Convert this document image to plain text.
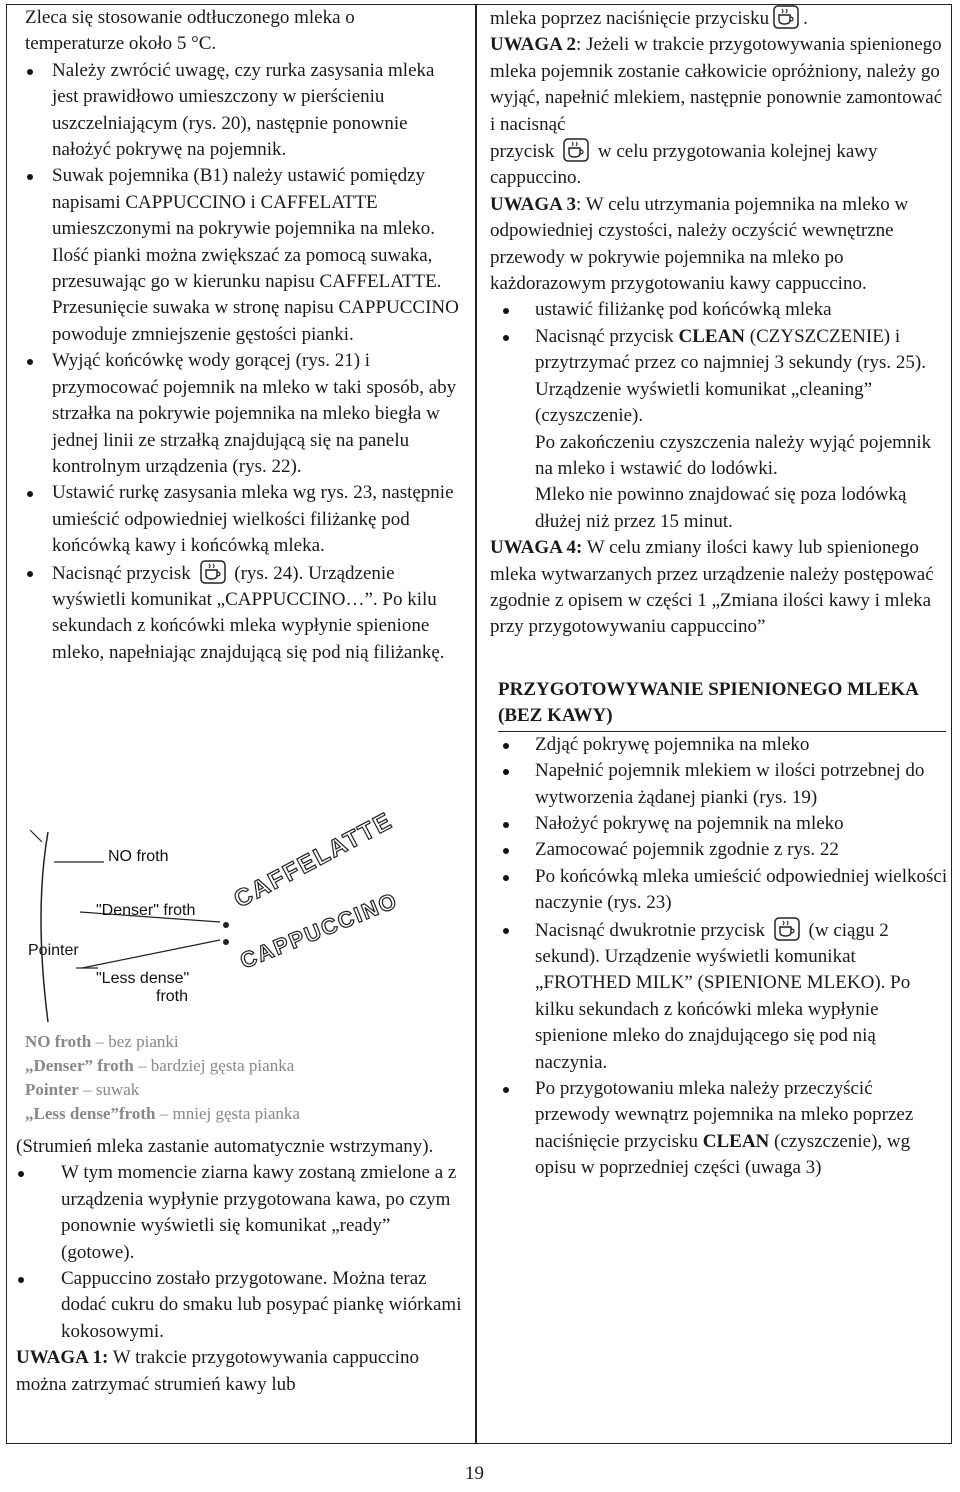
Zleca się stosowanie odtłuczonego mleka o

temperaturze około 5 °C.

Należy zwrócić uwagę, czy rurka zasysania mleka jest prawidłowo umieszczony w pierścieniu uszczelniającym (rys. 20), następnie ponownie nałożyć pokrywę na pojemnik.

Suwak pojemnika (B1) należy ustawić pomiędzy napisami CAPPUCCINO i CAFFELATTE umieszczonymi na pokrywie pojemnika na mleko. Ilość pianki można zwiększać za pomocą suwaka, przesuwając go w kierunku napisu CAFFELATTE. Przesunięcie suwaka w stronę napisu CAPPUCCINO powoduje zmniejszenie gęstości pianki.

Wyjąć końcówkę wody gorącej (rys. 21) i przymocować pojemnik na mleko w taki sposób, aby strzałka na pokrywie pojemnika na mleko biegła w jednej linii ze strzałką znajdującą się na panelu kontrolnym urządzenia (rys. 22).

Ustawić rurkę zasysania mleka wg rys. 23, następnie umieścić odpowiedniej wielkości filiżankę pod końcówką kawy i końcówką mleka.

Nacisnąć przycisk (rys. 24). Urządzenie wyświetli komunikat „CAPPUCCINO…”. Po kilu sekundach z końcówki mleka wypłynie spienione mleko, napełniając znajdującą się pod nią filiżankę.

NO froth
"Denser" froth
Pointer
"Less dense"
froth
CAFFELATTE
CAPPUCCINO
NO froth – bez pianki
„Denser” froth – bardziej gęsta pianka
Pointer – suwak
„Less dense”froth – mniej gęsta pianka

(Strumień mleka zastanie automatycznie wstrzymany).

W tym momencie ziarna kawy zostaną zmielone a z urządzenia wypłynie przygotowana kawa, po czym ponownie wyświetli się komunikat „ready” (gotowe).

Cappuccino zostało przygotowane. Można teraz dodać cukru do smaku lub posypać piankę wiórkami kokosowymi.

UWAGA 1: W trakcie przygotowywania cappuccino można zatrzymać strumień kawy lub

mleka poprzez naciśnięcie przycisku .

UWAGA 2: Jeżeli w trakcie przygotowywania spienionego mleka pojemnik zostanie całkowicie opróżniony, należy go wyjąć, napełnić mlekiem, następnie ponownie zamontować i nacisnąć

przycisk w celu przygotowania kolejnej kawy cappuccino.

UWAGA 3: W celu utrzymania pojemnika na mleko w odpowiedniej czystości, należy oczyścić wewnętrzne przewody w pokrywie pojemnika na mleko po każdorazowym przygotowaniu kawy cappuccino.

ustawić filiżankę pod końcówką mleka

Nacisnąć przycisk CLEAN (CZYSZCZENIE) i przytrzymać przez co najmniej 3 sekundy (rys. 25).

Urządzenie wyświetli komunikat „cleaning” (czyszczenie).

Po zakończeniu czyszczenia należy wyjąć pojemnik na mleko i wstawić do lodówki.

Mleko nie powinno znajdować się poza lodówką dłużej niż przez 15 minut.

UWAGA 4: W celu zmiany ilości kawy lub spienionego mleka wytwarzanych przez urządzenie należy postępować zgodnie z opisem w części 1 „Zmiana ilości kawy i mleka przy przygotowywaniu cappuccino”

PRZYGOTOWYWANIE SPIENIONEGO MLEKA (BEZ KAWY)

Zdjąć pokrywę pojemnika na mleko

Napełnić pojemnik mlekiem w ilości potrzebnej do wytworzenia żądanej pianki (rys. 19)

Nałożyć pokrywę na pojemnik na mleko

Zamocować pojemnik zgodnie z rys. 22

Po końcówką mleka umieścić odpowiedniej wielkości naczynie (rys. 23)

Nacisnąć dwukrotnie przycisk (w ciągu 2 sekund). Urządzenie wyświetli komunikat „FROTHED MILK” (SPIENIONE MLEKO). Po kilku sekundach z końcówki mleka wypłynie spienione mleko do znajdującego się pod nią naczynia.

Po przygotowaniu mleka należy przeczyścić przewody wewnątrz pojemnika na mleko poprzez naciśnięcie przycisku CLEAN (czyszczenie), wg opisu w poprzedniej części (uwaga 3)

19
